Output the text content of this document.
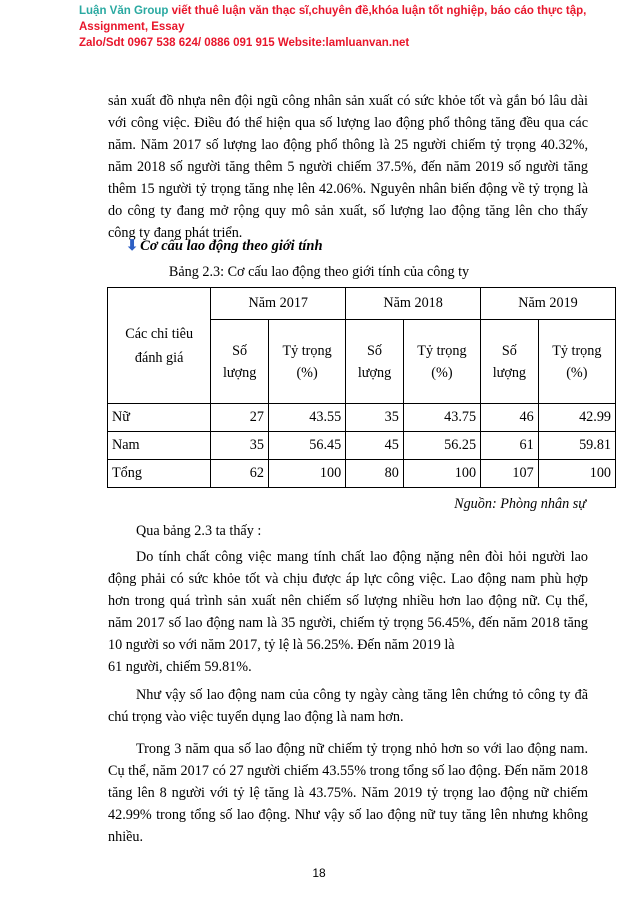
Luận Văn Group viết thuê luận văn thạc sĩ,chuyên đề,khóa luận tốt nghiệp, báo cáo thực tập,
Assignment, Essay
Zalo/Sdt 0967 538 624/ 0886 091 915 Website:lamluanvan.net
sản xuất đồ nhựa nên đội ngũ công nhân sản xuất có sức khỏe tốt và gắn bó lâu dài với công việc. Điều đó thể hiện qua số lượng lao động phổ thông tăng đều qua các năm. Năm 2017 số lượng lao động phổ thông là 25 người chiếm tỷ trọng 40.32%, năm 2018 số người tăng thêm 5 người chiếm 37.5%, đến năm 2019 số người tăng thêm 15 người tỷ trọng tăng nhẹ lên 42.06%. Nguyên nhân biến động về tỷ trọng là do công ty đang mở rộng quy mô sản xuất, số lượng lao động tăng lên cho thấy công ty đang phát triển.
⬇ Cơ cấu lao động theo giới tính
Bảng 2.3: Cơ cấu lao động theo giới tính của công ty
Các chỉ tiêu đánh giá	Năm 2017		Năm 2018		Năm 2019	
	Số lượng	Tỷ trọng (%)	Số lượng	Tỷ trọng (%)	Số lượng	Tỷ trọng (%)
Nữ	27	43.55	35	43.75	46	42.99
Nam	35	56.45	45	56.25	61	59.81
Tổng	62	100	80	100	107	100
Nguồn: Phòng nhân sự
Qua bảng 2.3 ta thấy :
Do tính chất công việc mang tính chất lao động nặng nên đòi hỏi người lao động phải có sức khỏe tốt và chịu được áp lực công việc. Lao động nam phù hợp hơn trong quá trình sản xuất nên chiếm số lượng nhiều hơn lao động nữ. Cụ thể, năm 2017 số lao động nam là 35 người, chiếm tỷ trọng 56.45%, đến năm 2018 tăng 10 người so với năm 2017, tỷ lệ là 56.25%. Đến năm 2019 là
61 người, chiếm 59.81%.
Như vậy số lao động nam của công ty ngày càng tăng lên chứng tỏ công ty đã chú trọng vào việc tuyển dụng lao động là nam hơn.
Trong 3 năm qua số lao động nữ chiếm tỷ trọng nhỏ hơn so với lao động nam. Cụ thể, năm 2017 có 27 người chiếm 43.55% trong tổng số lao động. Đến năm 2018 tăng lên 8 người với tỷ lệ tăng là 43.75%. Năm 2019 tỷ trọng lao động nữ chiếm 42.99% trong tổng số lao động. Như vậy số lao động nữ tuy tăng lên nhưng không nhiều.
18
